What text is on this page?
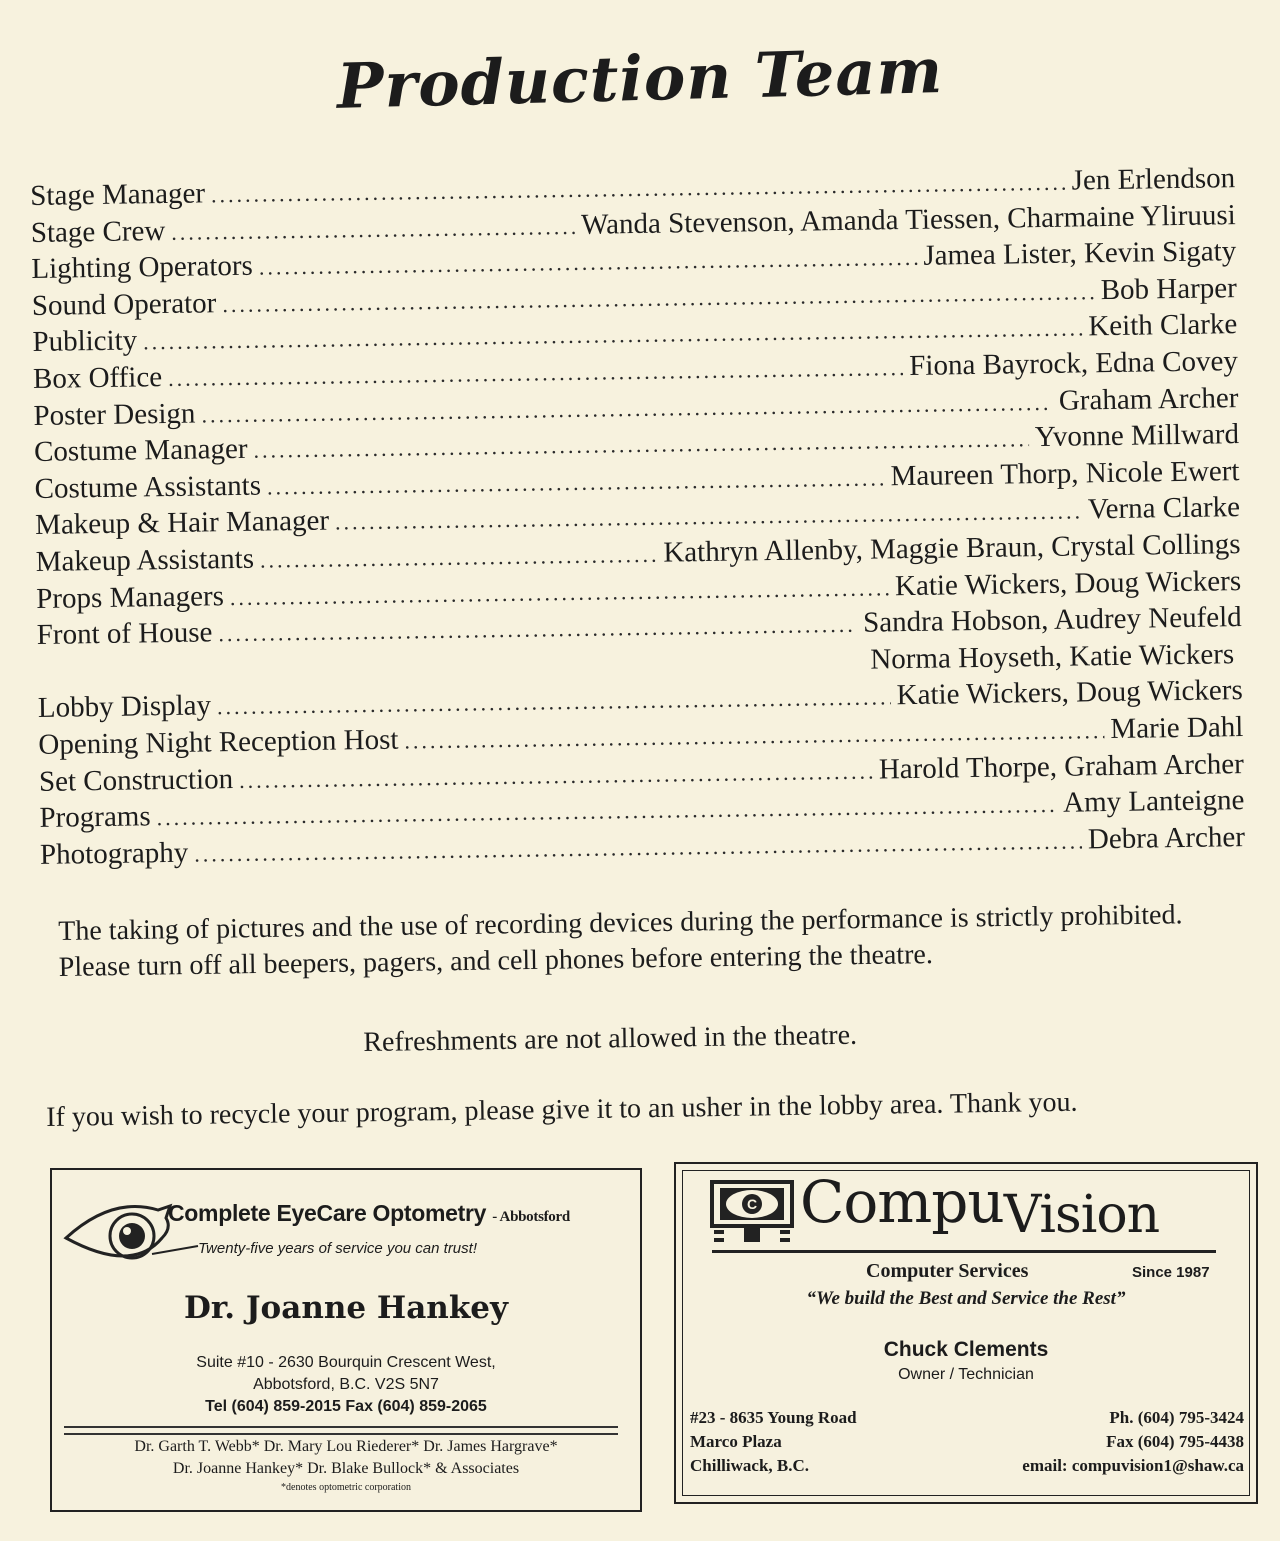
Production Team
Stage Manager .....	Jen Erlendson
Stage Crew .....	Wanda Stevenson, Amanda Tiessen, Charmaine Yliruusi
Lighting Operators .....	Jamea Lister, Kevin Sigaty
Sound Operator .....	Bob Harper
Publicity .....	Keith Clarke
Box Office .....	Fiona Bayrock, Edna Covey
Poster Design .....	Graham Archer
Costume Manager .....	Yvonne Millward
Costume Assistants .....	Maureen Thorp, Nicole Ewert
Makeup & Hair Manager .....	Verna Clarke
Makeup Assistants .....	Kathryn Allenby, Maggie Braun, Crystal Collings
Props Managers .....	Katie Wickers, Doug Wickers
Front of House .....	Sandra Hobson, Audrey Neufeld
Norma Hoyseth, Katie Wickers
Lobby Display .....	Katie Wickers, Doug Wickers
Opening Night Reception Host .....	Marie Dahl
Set Construction .....	Harold Thorpe, Graham Archer
Programs .....	Amy Lanteigne
Photography .....	Debra Archer

The taking of pictures and the use of recording devices during the performance is strictly prohibited. Please turn off all beepers, pagers, and cell phones before entering the theatre.

Refreshments are not allowed in the theatre.

If you wish to recycle your program, please give it to an usher in the lobby area. Thank you.

Complete EyeCare Optometry - Abbotsford
Twenty-five years of service you can trust!
Dr. Joanne Hankey
Suite #10 - 2630 Bourquin Crescent West,
Abbotsford, B.C. V2S 5N7
Tel (604) 859-2015 Fax (604) 859-2065
Dr. Garth T. Webb* Dr. Mary Lou Riederer* Dr. James Hargrave*
Dr. Joanne Hankey* Dr. Blake Bullock* & Associates
*denotes optometric corporation
C CompuVision
Computer Services	Since 1987
“We build the Best and Service the Rest”
Chuck Clements
Owner / Technician
#23 - 8635 Young Road
Marco Plaza
Chilliwack, B.C.
Ph. (604) 795-3424
Fax (604) 795-4438
email: compuvision1@shaw.ca
